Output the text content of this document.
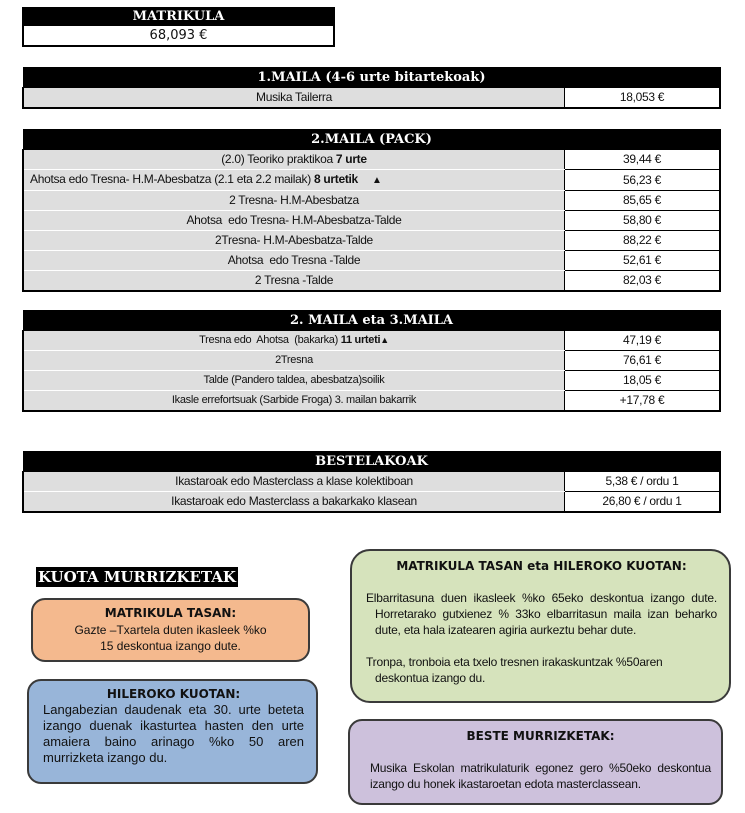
MATRIKULA
68,093 €
1.MAILA (4-6 urte bitartekoak)
Musika Tailerra	18,053 €
2.MAILA (PACK)	
(2.0) Teoriko praktikoa 7 urte	39,44 €
Ahotsa edo Tresna- H.M-Abesbatza (2.1 eta 2.2 mailak) 8 urtetik ▲	56,23 €
2 Tresna- H.M-Abesbatza	85,65 €
Ahotsa  edo Tresna- H.M-Abesbatza-Talde	58,80 €
2Tresna- H.M-Abesbatza-Talde	88,22 €
Ahotsa  edo Tresna -Talde	52,61 €
2 Tresna -Talde	82,03 €
2. MAILA eta 3.MAILA	
Tresna edo  Ahotsa  (bakarka) 11 urteti▲	47,19 €
2Tresna	76,61 €
Talde (Pandero taldea, abesbatza)soilik	18,05 €
Ikasle errefortsuak (Sarbide Froga) 3. mailan bakarrik	+17,78 €
BESTELAKOAK	
Ikastaroak edo Masterclass a klase kolektiboan	5,38 € / ordu 1
Ikastaroak edo Masterclass a bakarkako klasean	26,80 € / ordu 1
KUOTA MURRIZKETAK
MATRIKULA TASAN:
Gazte –Txartela duten ikasleek %ko 15 deskontua izango dute.
HILEROKO KUOTAN:
Langabezian daudenak eta 30. urte beteta izango duenak ikasturtea hasten den urte amaiera baino arinago %ko 50 aren murrizketa izango du.
MATRIKULA TASAN eta HILEROKO KUOTAN:
Elbarritasuna duen ikasleek %ko 65eko deskontua izango dute.
Horretarako gutxienez % 33ko elbarritasun maila izan beharko dute, eta hala izatearen agiria aurkeztu behar dute.
Tronpa, tronboia eta txelo tresnen irakaskuntzak %50aren
deskontua izango du.
BESTE MURRIZKETAK:
Musika Eskolan matrikulaturik egonez gero %50eko deskontua izango du honek ikastaroetan edota masterclassean.
